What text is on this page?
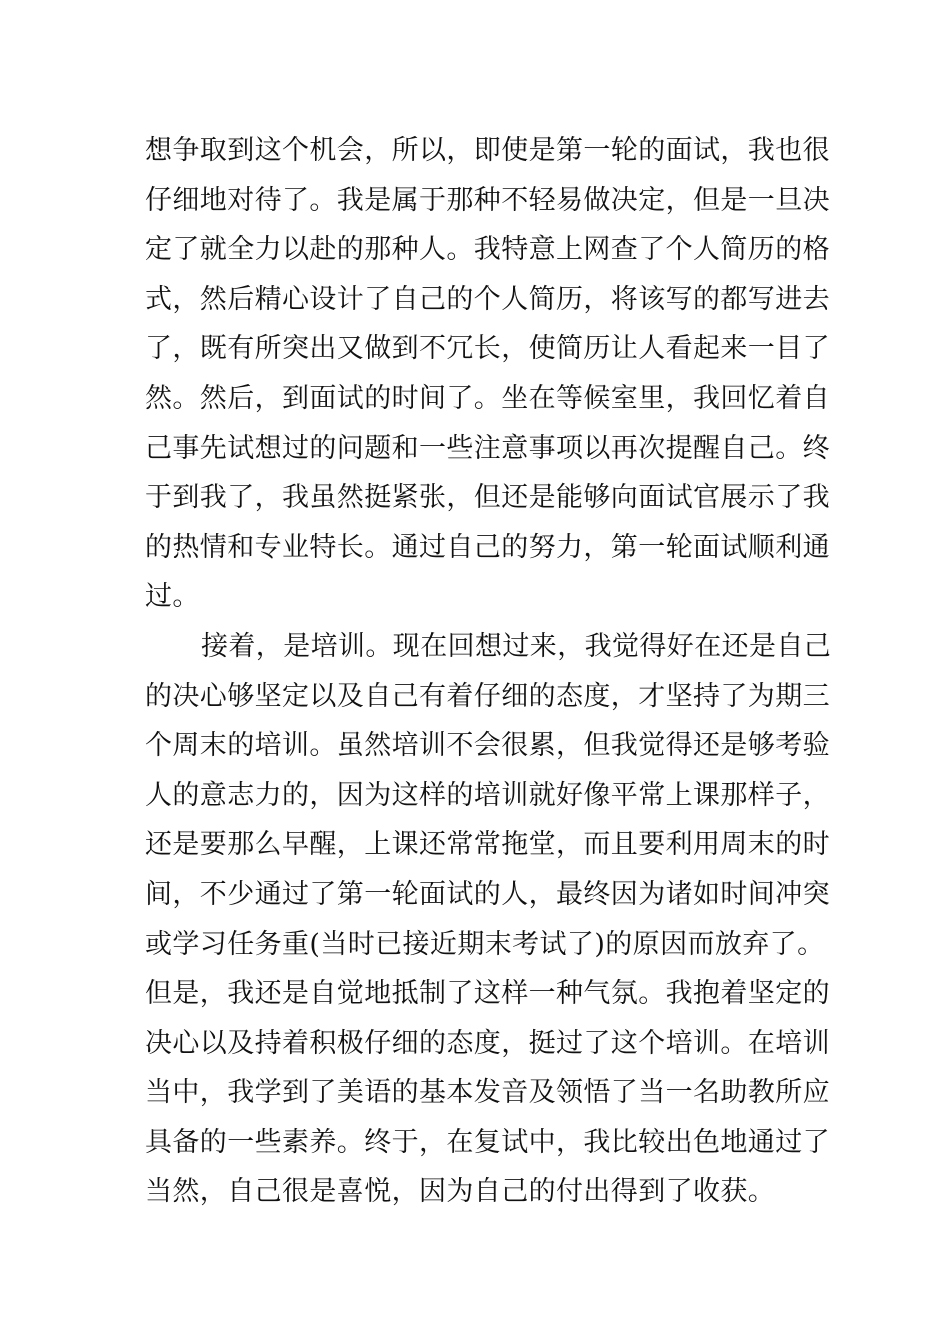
想争取到这个机会，所以，即使是第一轮的面试，我也很
仔细地对待了。我是属于那种不轻易做决定，但是一旦决
定了就全力以赴的那种人。我特意上网查了个人简历的格
式，然后精心设计了自己的个人简历，将该写的都写进去
了，既有所突出又做到不冗长，使简历让人看起来一目了
然。然后，到面试的时间了。坐在等候室里，我回忆着自
己事先试想过的问题和一些注意事项以再次提醒自己。终
于到我了，我虽然挺紧张，但还是能够向面试官展示了我
的热情和专业特长。通过自己的努力，第一轮面试顺利通
过。
接着，是培训。现在回想过来，我觉得好在还是自己
的决心够坚定以及自己有着仔细的态度，才坚持了为期三
个周末的培训。虽然培训不会很累，但我觉得还是够考验
人的意志力的，因为这样的培训就好像平常上课那样子，
还是要那么早醒，上课还常常拖堂，而且要利用周末的时
间，不少通过了第一轮面试的人，最终因为诸如时间冲突
或学习任务重(当时已接近期末考试了)的原因而放弃了。
但是，我还是自觉地抵制了这样一种气氛。我抱着坚定的
决心以及持着积极仔细的态度，挺过了这个培训。在培训
当中，我学到了美语的基本发音及领悟了当一名助教所应
具备的一些素养。终于，在复试中，我比较出色地通过了
当然，自己很是喜悦，因为自己的付出得到了收获。
